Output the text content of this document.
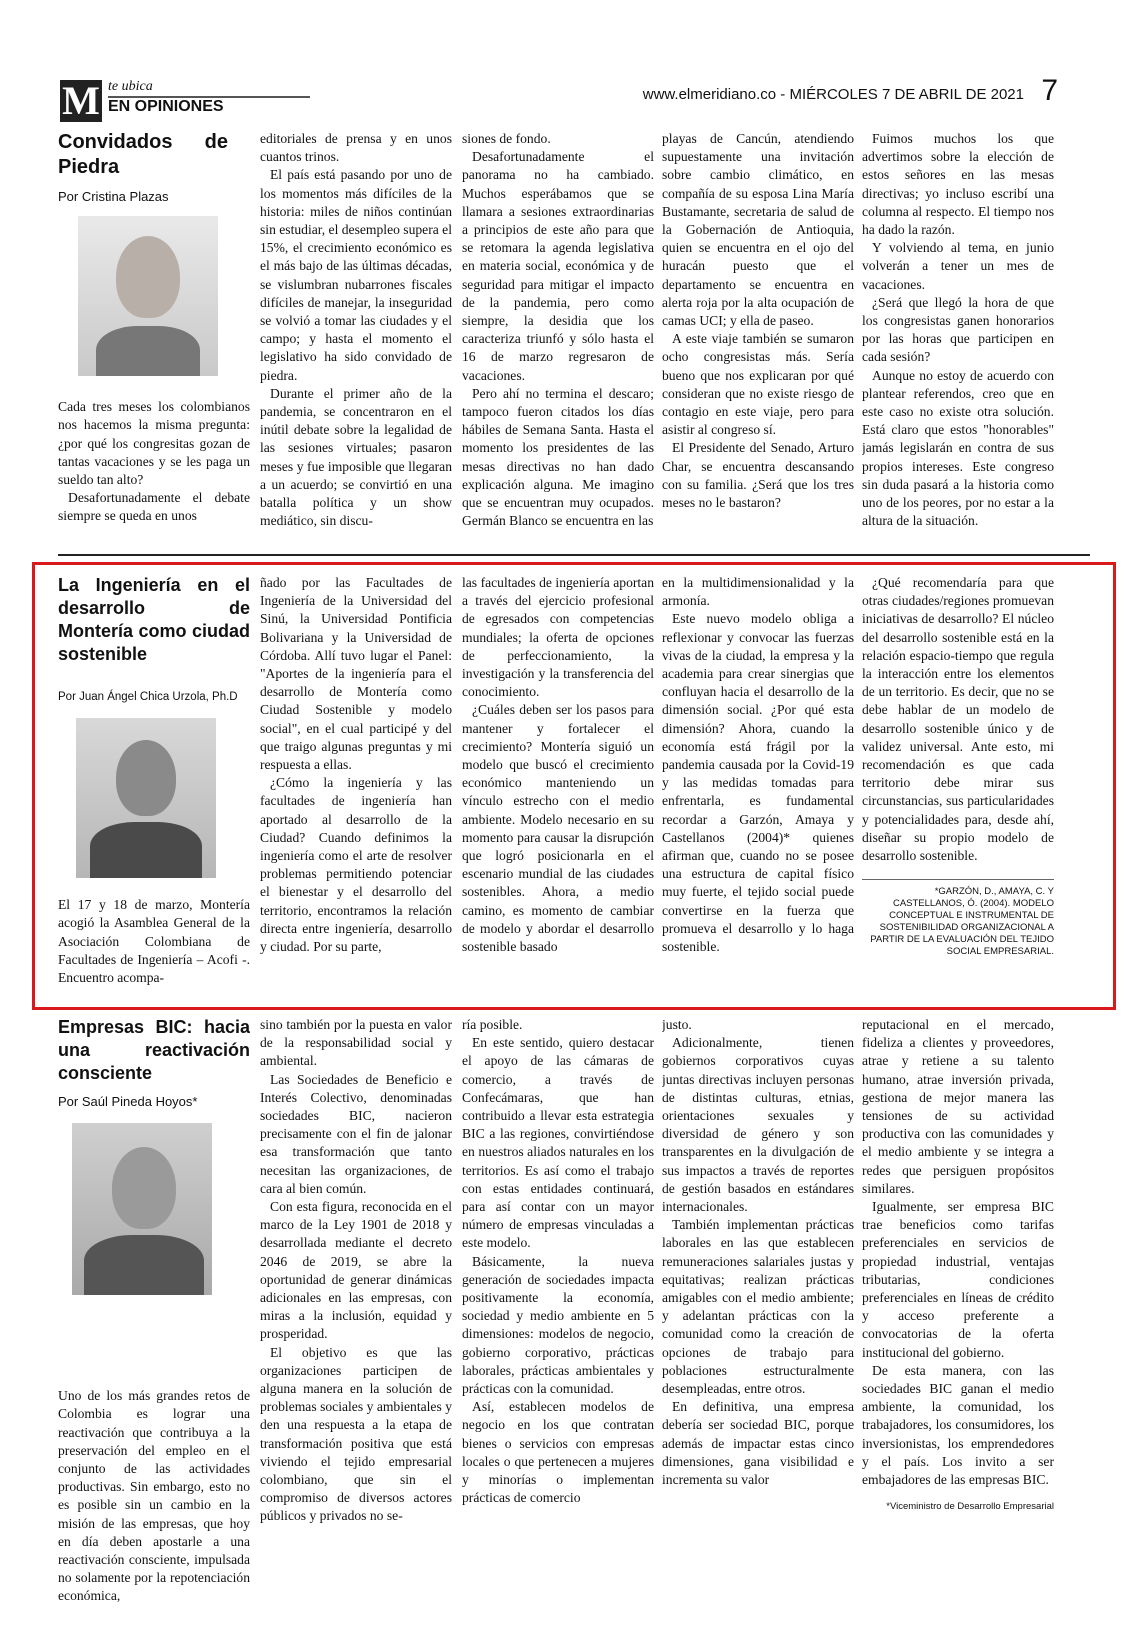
M te ubica
EN OPINIONES
www.elmeridiano.co - MIÉRCOLES 7 DE ABRIL DE 2021 7
Convidados de Piedra
Por Cristina Plazas

Cada tres meses los colombianos nos hacemos la misma pregunta: ¿por qué los congresitas gozan de tantas vacaciones y se les paga un sueldo tan alto?

Desafortunadamente el debate siempre se queda en unos

editoriales de prensa y en unos cuantos trinos.

El país está pasando por uno de los momentos más difíciles de la historia: miles de niños continúan sin estudiar, el desempleo supera el 15%, el crecimiento económico es el más bajo de las últimas décadas, se vislumbran nubarrones fiscales difíciles de manejar, la inseguridad se volvió a tomar las ciudades y el campo; y hasta el momento el legislativo ha sido convidado de piedra.

Durante el primer año de la pandemia, se concentraron en el inútil debate sobre la legalidad de las sesiones virtuales; pasaron meses y fue imposible que llegaran a un acuerdo; se convirtió en una batalla política y un show mediático, sin discu-

siones de fondo.

Desafortunadamente el panorama no ha cambiado. Muchos esperábamos que se llamara a sesiones extraordinarias a principios de este año para que se retomara la agenda legislativa en materia social, económica y de seguridad para mitigar el impacto de la pandemia, pero como siempre, la desidia que los caracteriza triunfó y sólo hasta el 16 de marzo regresaron de vacaciones.

Pero ahí no termina el descaro; tampoco fueron citados los días hábiles de Semana Santa. Hasta el momento los presidentes de las mesas directivas no han dado explicación alguna. Me imagino que se encuentran muy ocupados. Germán Blanco se encuentra en las

playas de Cancún, atendiendo supuestamente una invitación sobre cambio climático, en compañía de su esposa Lina María Bustamante, secretaria de salud de la Gobernación de Antioquia, quien se encuentra en el ojo del huracán puesto que el departamento se encuentra en alerta roja por la alta ocupación de camas UCI; y ella de paseo.

A este viaje también se sumaron ocho congresistas más. Sería bueno que nos explicaran por qué consideran que no existe riesgo de contagio en este viaje, pero para asistir al congreso sí.

El Presidente del Senado, Arturo Char, se encuentra descansando con su familia. ¿Será que los tres meses no le bastaron?

Fuimos muchos los que advertimos sobre la elección de estos señores en las mesas directivas; yo incluso escribí una columna al respecto. El tiempo nos ha dado la razón.

Y volviendo al tema, en junio volverán a tener un mes de vacaciones.

¿Será que llegó la hora de que los congresistas ganen honorarios por las horas que participen en cada sesión?

Aunque no estoy de acuerdo con plantear referendos, creo que en este caso no existe otra solución. Está claro que estos "honorables" jamás legislarán en contra de sus propios intereses. Este congreso sin duda pasará a la historia como uno de los peores, por no estar a la altura de la situación.

La Ingeniería en el desarrollo de Montería como ciudad sostenible
Por Juan Ángel Chica Urzola, Ph.D

El 17 y 18 de marzo, Montería acogió la Asamblea General de la Asociación Colombiana de Facultades de Ingeniería – Acofi -. Encuentro acompa-

ñado por las Facultades de Ingeniería de la Universidad del Sinú, la Universidad Pontificia Bolivariana y la Universidad de Córdoba. Allí tuvo lugar el Panel: "Aportes de la ingeniería para el desarrollo de Montería como Ciudad Sostenible y modelo social", en el cual participé y del que traigo algunas preguntas y mi respuesta a ellas.

¿Cómo la ingeniería y las facultades de ingeniería han aportado al desarrollo de la Ciudad? Cuando definimos la ingeniería como el arte de resolver problemas permitiendo potenciar el bienestar y el desarrollo del territorio, encontramos la relación directa entre ingeniería, desarrollo y ciudad. Por su parte,

las facultades de ingeniería aportan a través del ejercicio profesional de egresados con competencias mundiales; la oferta de opciones de perfeccionamiento, la investigación y la transferencia del conocimiento.

¿Cuáles deben ser los pasos para mantener y fortalecer el crecimiento? Montería siguió un modelo que buscó el crecimiento económico manteniendo un vínculo estrecho con el medio ambiente. Modelo necesario en su momento para causar la disrupción que logró posicionarla en el escenario mundial de las ciudades sostenibles. Ahora, a medio camino, es momento de cambiar de modelo y abordar el desarrollo sostenible basado

en la multidimensionalidad y la armonía.

Este nuevo modelo obliga a reflexionar y convocar las fuerzas vivas de la ciudad, la empresa y la academia para crear sinergias que confluyan hacia el desarrollo de la dimensión social. ¿Por qué esta dimensión? Ahora, cuando la economía está frágil por la pandemia causada por la Covid-19 y las medidas tomadas para enfrentarla, es fundamental recordar a Garzón, Amaya y Castellanos (2004)* quienes afirman que, cuando no se posee una estructura de capital físico muy fuerte, el tejido social puede convertirse en la fuerza que promueva el desarrollo y lo haga sostenible.

¿Qué recomendaría para que otras ciudades/regiones promuevan iniciativas de desarrollo? El núcleo del desarrollo sostenible está en la relación espacio-tiempo que regula la interacción entre los elementos de un territorio. Es decir, que no se debe hablar de un modelo de desarrollo sostenible único y de validez universal. Ante esto, mi recomendación es que cada territorio debe mirar sus circunstancias, sus particularidades y potencialidades para, desde ahí, diseñar su propio modelo de desarrollo sostenible.

*GARZÓN, D., AMAYA, C. Y CASTELLANOS, Ó. (2004). MODELO CONCEPTUAL E INSTRUMENTAL DE SOSTENIBILIDAD ORGANIZACIONAL A PARTIR DE LA EVALUACIÓN DEL TEJIDO SOCIAL EMPRESARIAL.
Empresas BIC: hacia una reactivación consciente
Por Saúl Pineda Hoyos*

Uno de los más grandes retos de Colombia es lograr una reactivación que contribuya a la preservación del empleo en el conjunto de las actividades productivas. Sin embargo, esto no es posible sin un cambio en la misión de las empresas, que hoy en día deben apostarle a una reactivación consciente, impulsada no solamente por la repotenciación económica,

sino también por la puesta en valor de la responsabilidad social y ambiental.

Las Sociedades de Beneficio e Interés Colectivo, denominadas sociedades BIC, nacieron precisamente con el fin de jalonar esa transformación que tanto necesitan las organizaciones, de cara al bien común.

Con esta figura, reconocida en el marco de la Ley 1901 de 2018 y desarrollada mediante el decreto 2046 de 2019, se abre la oportunidad de generar dinámicas adicionales en las empresas, con miras a la inclusión, equidad y prosperidad.

El objetivo es que las organizaciones participen de alguna manera en la solución de problemas sociales y ambientales y den una respuesta a la etapa de transformación positiva que está viviendo el tejido empresarial colombiano, que sin el compromiso de diversos actores públicos y privados no se-

ría posible.

En este sentido, quiero destacar el apoyo de las cámaras de comercio, a través de Confecámaras, que han contribuido a llevar esta estrategia BIC a las regiones, convirtiéndose en nuestros aliados naturales en los territorios. Es así como el trabajo con estas entidades continuará, para así contar con un mayor número de empresas vinculadas a este modelo.

Básicamente, la nueva generación de sociedades impacta positivamente la economía, sociedad y medio ambiente en 5 dimensiones: modelos de negocio, gobierno corporativo, prácticas laborales, prácticas ambientales y prácticas con la comunidad.

Así, establecen modelos de negocio en los que contratan bienes o servicios con empresas locales o que pertenecen a mujeres y minorías o implementan prácticas de comercio

justo.

Adicionalmente, tienen gobiernos corporativos cuyas juntas directivas incluyen personas de distintas culturas, etnias, orientaciones sexuales y diversidad de género y son transparentes en la divulgación de sus impactos a través de reportes de gestión basados en estándares internacionales.

También implementan prácticas laborales en las que establecen remuneraciones salariales justas y equitativas; realizan prácticas amigables con el medio ambiente; y adelantan prácticas con la comunidad como la creación de opciones de trabajo para poblaciones estructuralmente desempleadas, entre otros.

En definitiva, una empresa debería ser sociedad BIC, porque además de impactar estas cinco dimensiones, gana visibilidad e incrementa su valor

reputacional en el mercado, fideliza a clientes y proveedores, atrae y retiene a su talento humano, atrae inversión privada, gestiona de mejor manera las tensiones de su actividad productiva con las comunidades y el medio ambiente y se integra a redes que persiguen propósitos similares.

Igualmente, ser empresa BIC trae beneficios como tarifas preferenciales en servicios de propiedad industrial, ventajas tributarias, condiciones preferenciales en líneas de crédito y acceso preferente a convocatorias de la oferta institucional del gobierno.

De esta manera, con las sociedades BIC ganan el medio ambiente, la comunidad, los trabajadores, los consumidores, los inversionistas, los emprendedores y el país. Los invito a ser embajadores de las empresas BIC.

*Viceministro de Desarrollo Empresarial
